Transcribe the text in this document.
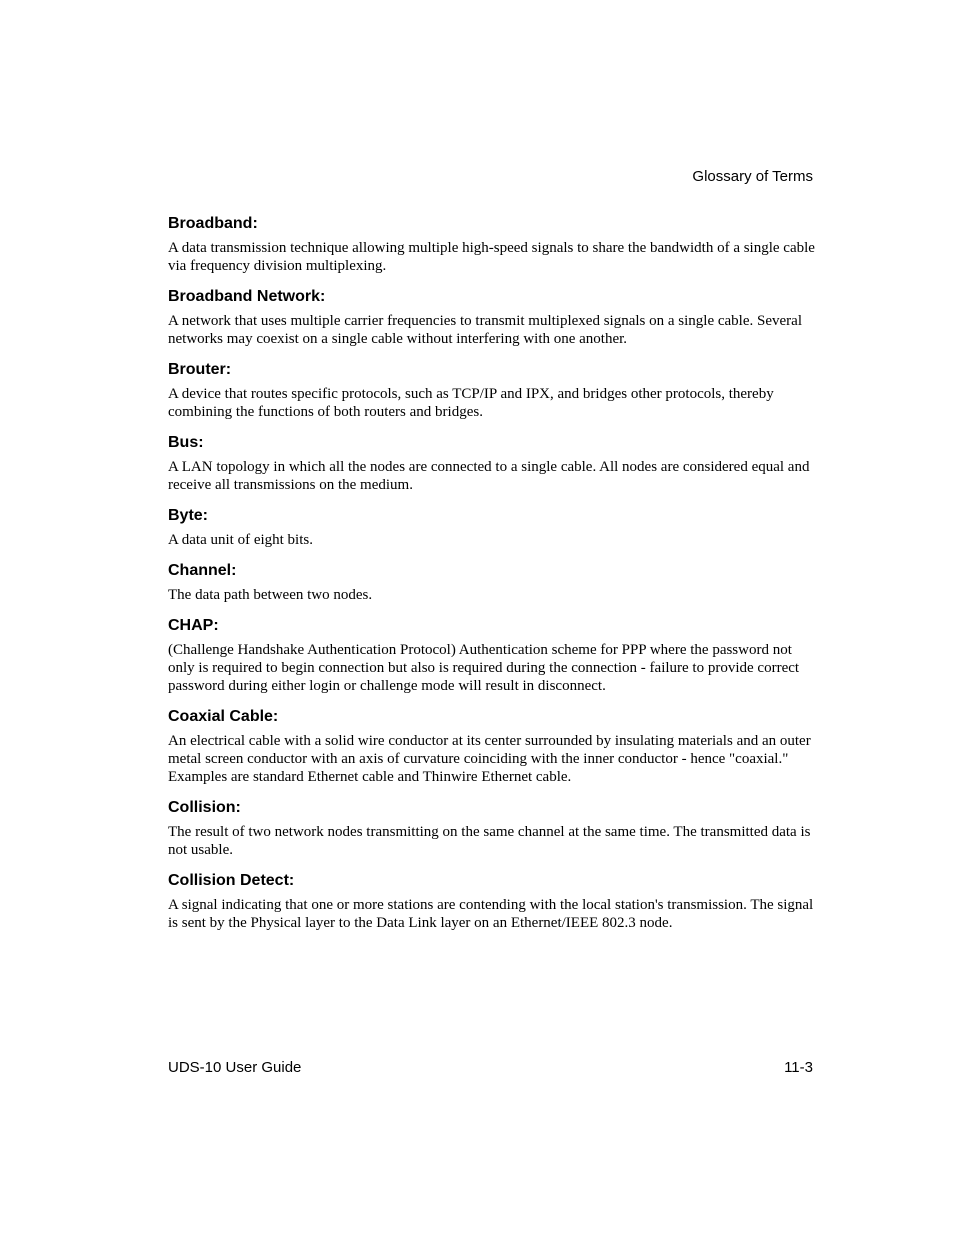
Glossary of Terms
Broadband:

A data transmission technique allowing multiple high-speed signals to share the bandwidth of a single cable via frequency division multiplexing.

Broadband Network:

A network that uses multiple carrier frequencies to transmit multiplexed signals on a single cable. Several networks may coexist on a single cable without interfering with one another.

Brouter:

A device that routes specific protocols, such as TCP/IP and IPX, and bridges other protocols, thereby combining the functions of both routers and bridges.

Bus:

A LAN topology in which all the nodes are connected to a single cable. All nodes are considered equal and receive all transmissions on the medium.

Byte:

A data unit of eight bits.

Channel:

The data path between two nodes.

CHAP:

(Challenge Handshake Authentication Protocol) Authentication scheme for PPP where the password not only is required to begin connection but also is required during the connection - failure to provide correct password during either login or challenge mode will result in disconnect.

Coaxial Cable:

An electrical cable with a solid wire conductor at its center surrounded by insulating materials and an outer metal screen conductor with an axis of curvature coinciding with the inner conductor - hence "coaxial." Examples are standard Ethernet cable and Thinwire Ethernet cable.

Collision:

The result of two network nodes transmitting on the same channel at the same time. The transmitted data is not usable.

Collision Detect:

A signal indicating that one or more stations are contending with the local station's transmission. The signal is sent by the Physical layer to the Data Link layer on an Ethernet/IEEE 802.3 node.

UDS-10 User Guide	11-3
